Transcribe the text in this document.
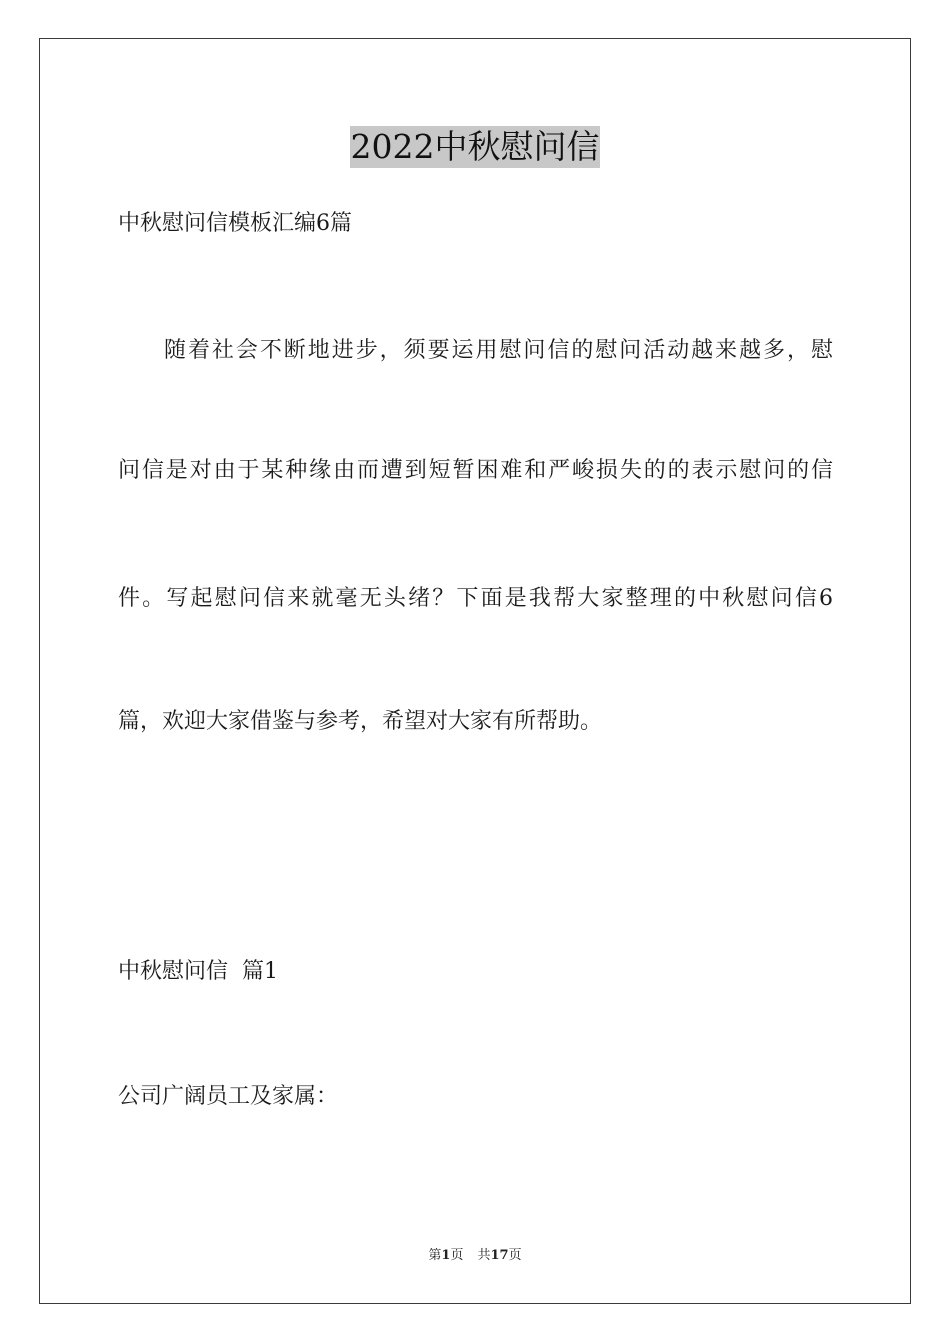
2022中秋慰问信
中秋慰问信模板汇编6篇
随着社会不断地进步，须要运用慰问信的慰问活动越来越多，慰
问信是对由于某种缘由而遭到短暂困难和严峻损失的的表示慰问的信
件。写起慰问信来就毫无头绪？下面是我帮大家整理的中秋慰问信6
篇，欢迎大家借鉴与参考，希望对大家有所帮助。
中秋慰问信  篇1
公司广阔员工及家属：
第1页 共17页
